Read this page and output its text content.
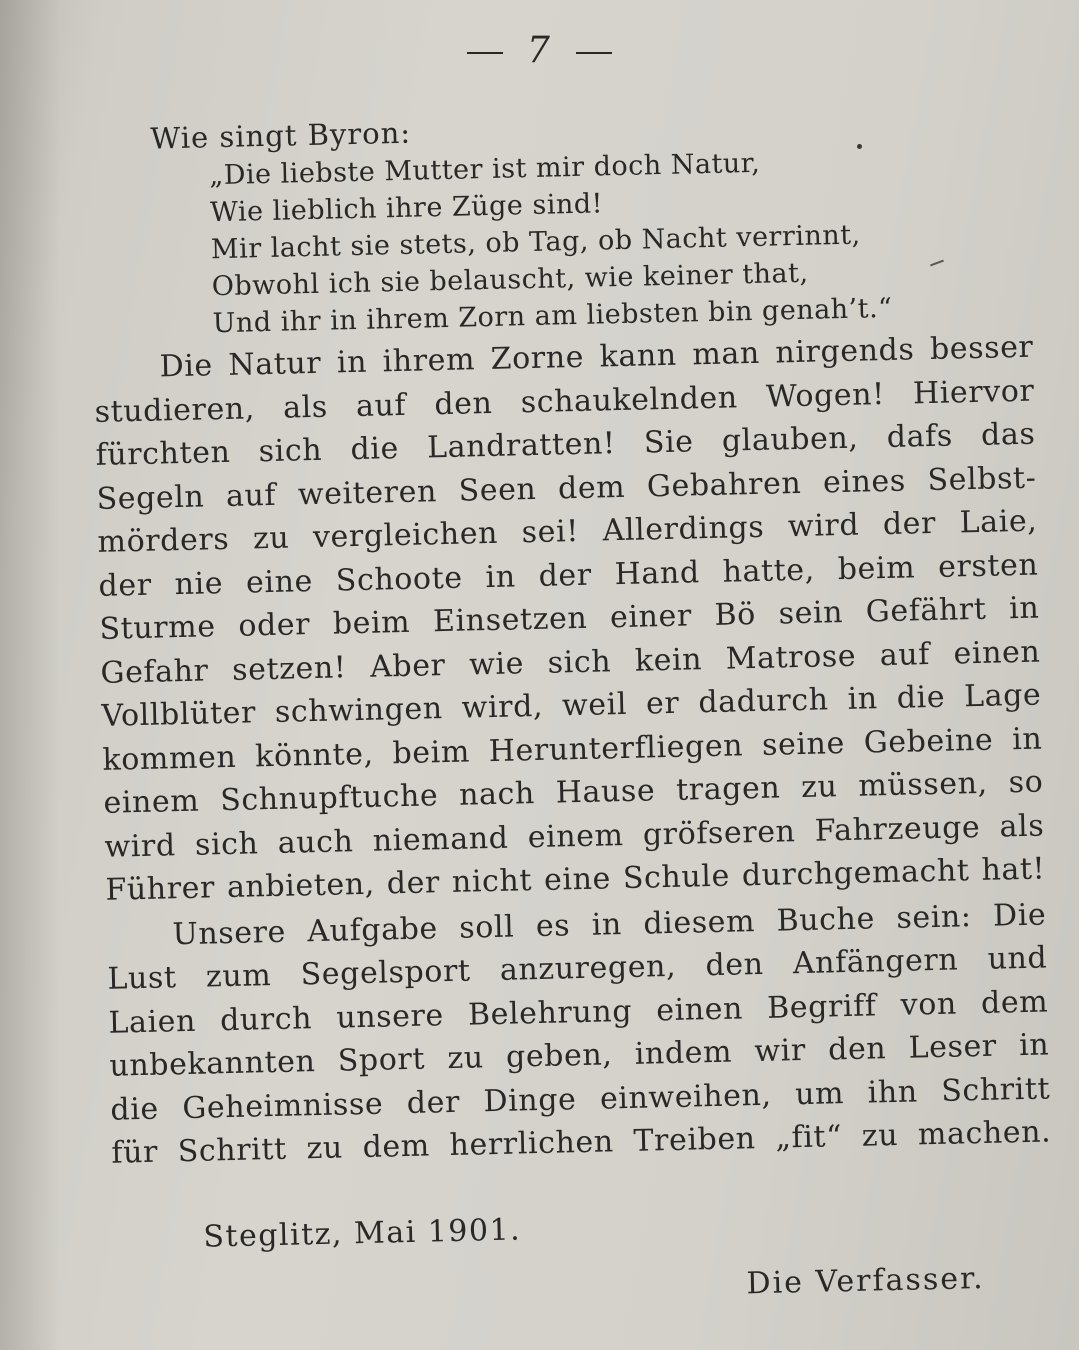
7
Wie singt Byron:
„Die liebste Mutter ist mir doch Natur,
Wie lieblich ihre Züge sind!
Mir lacht sie stets, ob Tag, ob Nacht verrinnt,
Obwohl ich sie belauscht, wie keiner that,
Und ihr in ihrem Zorn am liebsten bin genah’t.“
Die Natur in ihrem Zorne kann man nirgends besser
studieren, als auf den schaukelnden Wogen! Hiervor
fürchten sich die Landratten! Sie glauben, dafs das
Segeln auf weiteren Seen dem Gebahren eines Selbst-
mörders zu vergleichen sei! Allerdings wird der Laie,
der nie eine Schoote in der Hand hatte, beim ersten
Sturme oder beim Einsetzen einer Bö sein Gefährt in
Gefahr setzen! Aber wie sich kein Matrose auf einen
Vollblüter schwingen wird, weil er dadurch in die Lage
kommen könnte, beim Herunterfliegen seine Gebeine in
einem Schnupftuche nach Hause tragen zu müssen, so
wird sich auch niemand einem gröfseren Fahrzeuge als
Führer anbieten, der nicht eine Schule durchgemacht hat!
Unsere Aufgabe soll es in diesem Buche sein: Die
Lust zum Segelsport anzuregen, den Anfängern und
Laien durch unsere Belehrung einen Begriff von dem
unbekannten Sport zu geben, indem wir den Leser in
die Geheimnisse der Dinge einweihen, um ihn Schritt
für Schritt zu dem herrlichen Treiben „fit“ zu machen.
Steglitz, Mai 1901.
Die Verfasser.
